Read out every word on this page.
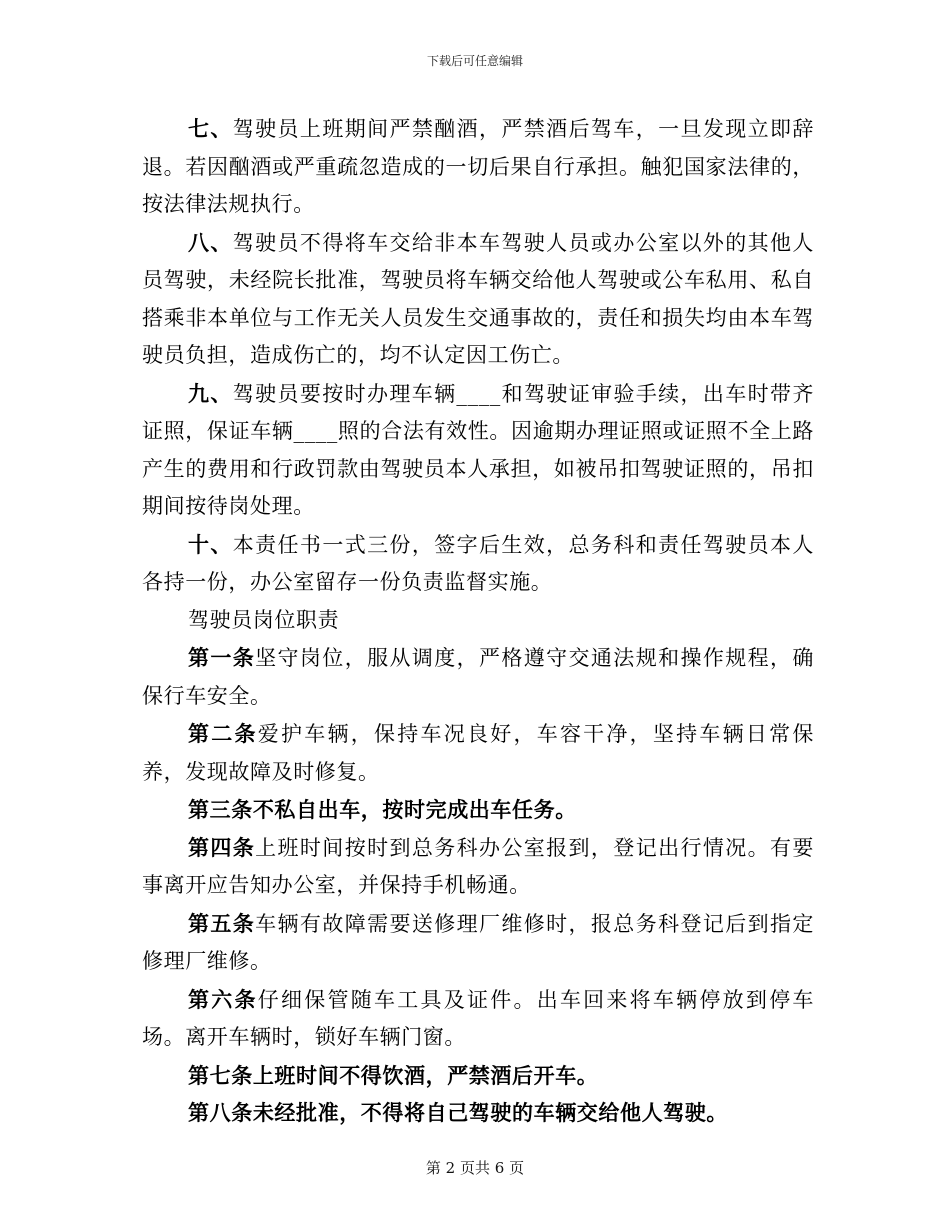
下载后可任意编辑

七、驾驶员上班期间严禁酗酒，严禁酒后驾车，一旦发现立即辞退。若因酗酒或严重疏忽造成的一切后果自行承担。触犯国家法律的，按法律法规执行。

八、驾驶员不得将车交给非本车驾驶人员或办公室以外的其他人员驾驶，未经院长批准，驾驶员将车辆交给他人驾驶或公车私用、私自搭乘非本单位与工作无关人员发生交通事故的，责任和损失均由本车驾驶员负担，造成伤亡的，均不认定因工伤亡。

九、驾驶员要按时办理车辆____和驾驶证审验手续，出车时带齐证照，保证车辆____照的合法有效性。因逾期办理证照或证照不全上路产生的费用和行政罚款由驾驶员本人承担，如被吊扣驾驶证照的，吊扣期间按待岗处理。

十、本责任书一式三份，签字后生效，总务科和责任驾驶员本人各持一份，办公室留存一份负责监督实施。

驾驶员岗位职责

第一条坚守岗位，服从调度，严格遵守交通法规和操作规程，确保行车安全。

第二条爱护车辆，保持车况良好，车容干净，坚持车辆日常保养，发现故障及时修复。

第三条不私自出车，按时完成出车任务。

第四条上班时间按时到总务科办公室报到，登记出行情况。有要事离开应告知办公室，并保持手机畅通。

第五条车辆有故障需要送修理厂维修时，报总务科登记后到指定修理厂维修。

第六条仔细保管随车工具及证件。出车回来将车辆停放到停车场。离开车辆时，锁好车辆门窗。

第七条上班时间不得饮酒，严禁酒后开车。

第八条未经批准，不得将自己驾驶的车辆交给他人驾驶。

第 2 页共 6 页
